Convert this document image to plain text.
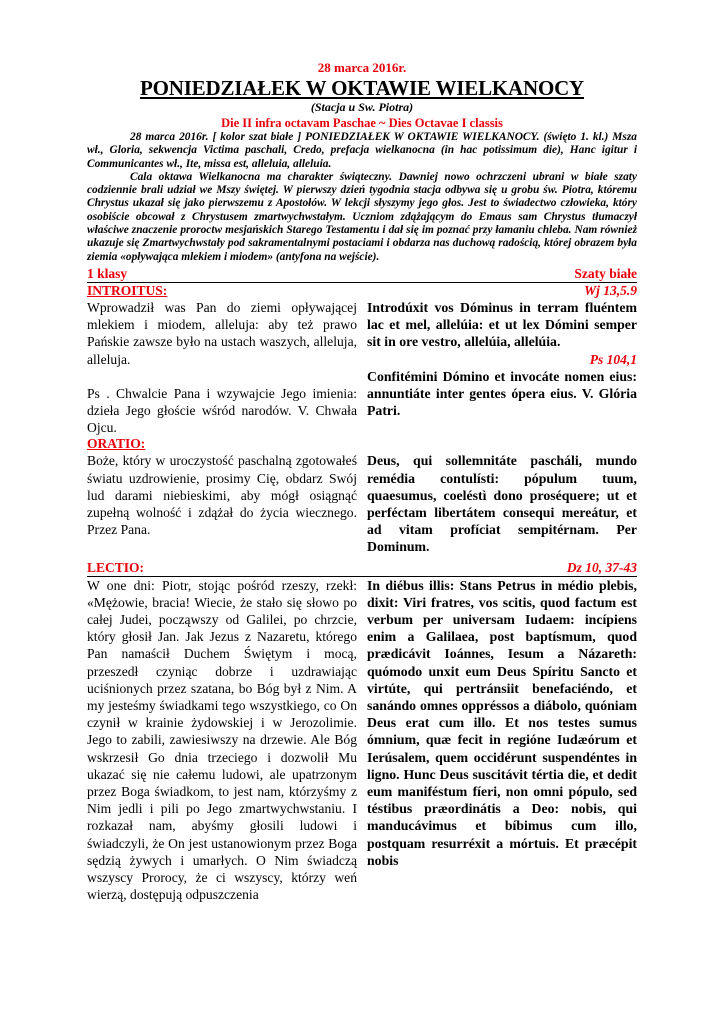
28 marca 2016r.
PONIEDZIAŁEK W OKTAWIE WIELKANOCY
(Stacja u Sw. Piotra)
Die II infra octavam Paschae ~ Dies Octavae I classis

28 marca 2016r. [ kolor szat białe ] PONIEDZIAŁEK W OKTAWIE WIELKANOCY. (święto 1. kl.) Msza wł., Gloria, sekwencja Victima paschali, Credo, prefacja wielkanocna (in hac potissimum die), Hanc igitur i Communicantes wł., Ite, missa est, alleluia, alleluia.

Cala oktawa Wielkanocna ma charakter świąteczny. Dawniej nowo ochrzczeni ubrani w białe szaty codziennie brali udział we Mszy świętej. W pierwszy dzień tygodnia stacja odbywa się u grobu św. Piotra, któremu Chrystus ukazał się jako pierwszemu z Apostołów. W lekcji słyszymy jego głos. Jest to świadectwo człowieka, który osobiście obcował z Chrystusem zmartwychwstałym. Uczniom zdążającym do Emaus sam Chrystus tłumaczył właściwe znaczenie proroctw mesjańskich Starego Testamentu i dał się im poznać przy łamaniu chleba. Nam również ukazuje się Zmartwychwstały pod sakramentalnymi postaciami i obdarza nas duchową radością, której obrazem była ziemia «opływająca mlekiem i miodem» (antyfona na wejście).

1 klasy	Szaty białe
INTROITUS:	Wj 13,5.9

Wprowadził was Pan do ziemi opływającej mlekiem i miodem, alleluja: aby też prawo Pańskie zawsze było na ustach waszych, alleluja, alleluja.

Ps . Chwalcie Pana i wzywajcie Jego imienia: dzieła Jego głoście wśród narodów. V. Chwała Ojcu.

Introdúxit vos Dóminus in terram fluéntem lac et mel, allelúia: et ut lex Dómini semper sit in ore vestro, allelúia, allelúia.

Ps 104,1

Confitémini Dómino et invocáte nomen eius: annuntiáte inter gentes ópera eius. V. Glória Patri.

ORATIO:

Boże, który w uroczystość paschalną zgotowałeś światu uzdrowienie, prosimy Cię, obdarz Swój lud darami niebieskimi, aby mógł osiągnąć zupełną wolność i zdążał do życia wiecznego. Przez Pana.

Deus, qui sollemnitáte pascháli, mundo remédia contulísti: pópulum tuum, quaesumus, coeléstì dono proséquere; ut et perféctam libertátem consequi mereátur, et ad vitam profíciat sempitérnam. Per Dominum.

LECTIO:	Dz 10, 37-43

W one dni: Piotr, stojąc pośród rzeszy, rzekł: «Mężowie, bracia! Wiecie, że stało się słowo po całej Judei, począwszy od Galilei, po chrzcie, który głosił Jan. Jak Jezus z Nazaretu, którego Pan namaścił Duchem Świętym i mocą, przeszedł czyniąc dobrze i uzdrawiając uciśnionych przez szatana, bo Bóg był z Nim. A my jesteśmy świadkami tego wszystkiego, co On czynił w krainie żydowskiej i w Jerozolimie. Jego to zabili, zawiesiwszy na drzewie. Ale Bóg wskrzesił Go dnia trzeciego i dozwolił Mu ukazać się nie całemu ludowi, ale upatrzonym przez Boga świadkom, to jest nam, którzyśmy z Nim jedli i pili po Jego zmartwychwstaniu. I rozkazał nam, abyśmy głosili ludowi i świadczyli, że On jest ustanowionym przez Boga sędzią żywych i umarłych. O Nim świadczą wszyscy Prorocy, że ci wszyscy, którzy weń wierzą, dostępują odpuszczenia

In diébus illis: Stans Petrus in médio plebis, dixit: Viri fratres, vos scitis, quod factum est verbum per universam Iudaem: incípiens enim a Galilaea, post baptísmum, quod prædicávit Ioánnes, Iesum a Názareth: quómodo unxit eum Deus Spíritu Sancto et virtúte, qui pertránsiit benefaciéndo, et sanándo omnes oppréssos a diábolo, quóniam Deus erat cum illo. Et nos testes sumus ómnium, quæ fecit in regióne Iudæórum et Ierúsalem, quem occidérunt suspendéntes in ligno. Hunc Deus suscitávit tértia die, et dedit eum maniféstum fíeri, non omni pópulo, sed téstibus præordinátis a Deo: nobis, qui manducávimus et bíbimus cum illo, postquam resurréxit a mórtuis. Et præcépit nobis
